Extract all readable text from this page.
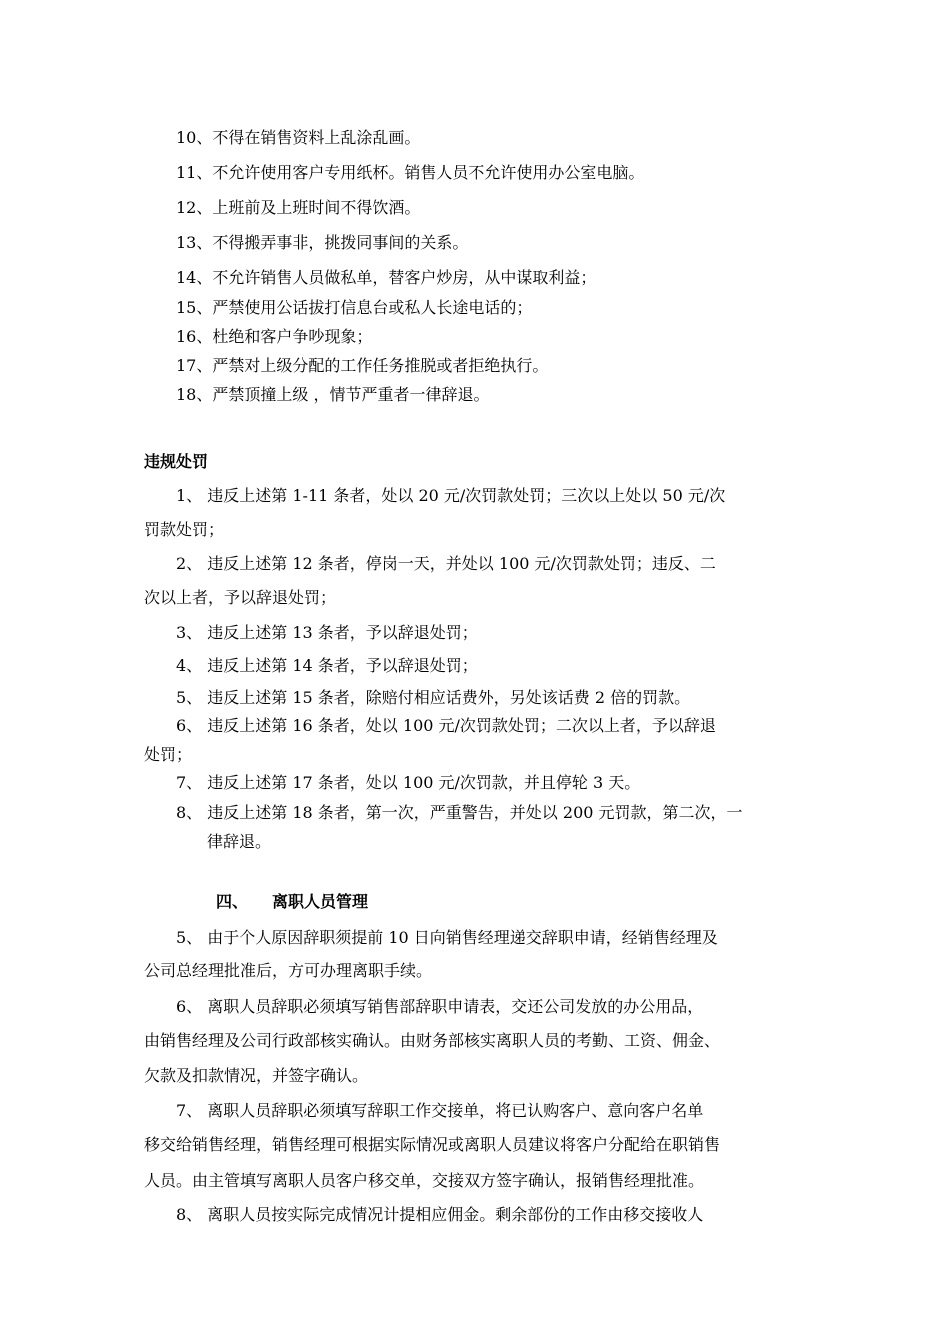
10、不得在销售资料上乱涂乱画。
11、不允许使用客户专用纸杯。销售人员不允许使用办公室电脑。
12、上班前及上班时间不得饮酒。
13、不得搬弄事非，挑拨同事间的关系。
14、不允许销售人员做私单，替客户炒房，从中谋取利益；
15、严禁使用公话拔打信息台或私人长途电话的；
16、杜绝和客户争吵现象；
17、严禁对上级分配的工作任务推脱或者拒绝执行。
18、严禁顶撞上级 ，情节严重者一律辞退。
违规处罚
1、 违反上述第 1-11 条者，处以 20 元/次罚款处罚；三次以上处以 50 元/次
罚款处罚；
2、 违反上述第 12 条者，停岗一天，并处以 100 元/次罚款处罚；违反、二
次以上者，予以辞退处罚；
3、 违反上述第 13 条者，予以辞退处罚；
4、 违反上述第 14 条者，予以辞退处罚；
5、 违反上述第 15 条者，除赔付相应话费外，另处该话费 2 倍的罚款。
6、 违反上述第 16 条者，处以 100 元/次罚款处罚；二次以上者，予以辞退
处罚；
7、 违反上述第 17 条者，处以 100 元/次罚款，并且停轮 3 天。
8、 违反上述第 18 条者，第一次，严重警告，并处以 200 元罚款，第二次，一
律辞退。
四、 离职人员管理
5、 由于个人原因辞职须提前 10 日向销售经理递交辞职申请，经销售经理及
公司总经理批准后，方可办理离职手续。
6、 离职人员辞职必须填写销售部辞职申请表，交还公司发放的办公用品，
由销售经理及公司行政部核实确认。由财务部核实离职人员的考勤、工资、佣金、
欠款及扣款情况，并签字确认。
7、 离职人员辞职必须填写辞职工作交接单，将已认购客户、意向客户名单
移交给销售经理，销售经理可根据实际情况或离职人员建议将客户分配给在职销售
人员。由主管填写离职人员客户移交单，交接双方签字确认，报销售经理批准。
8、 离职人员按实际完成情况计提相应佣金。剩余部份的工作由移交接收人
